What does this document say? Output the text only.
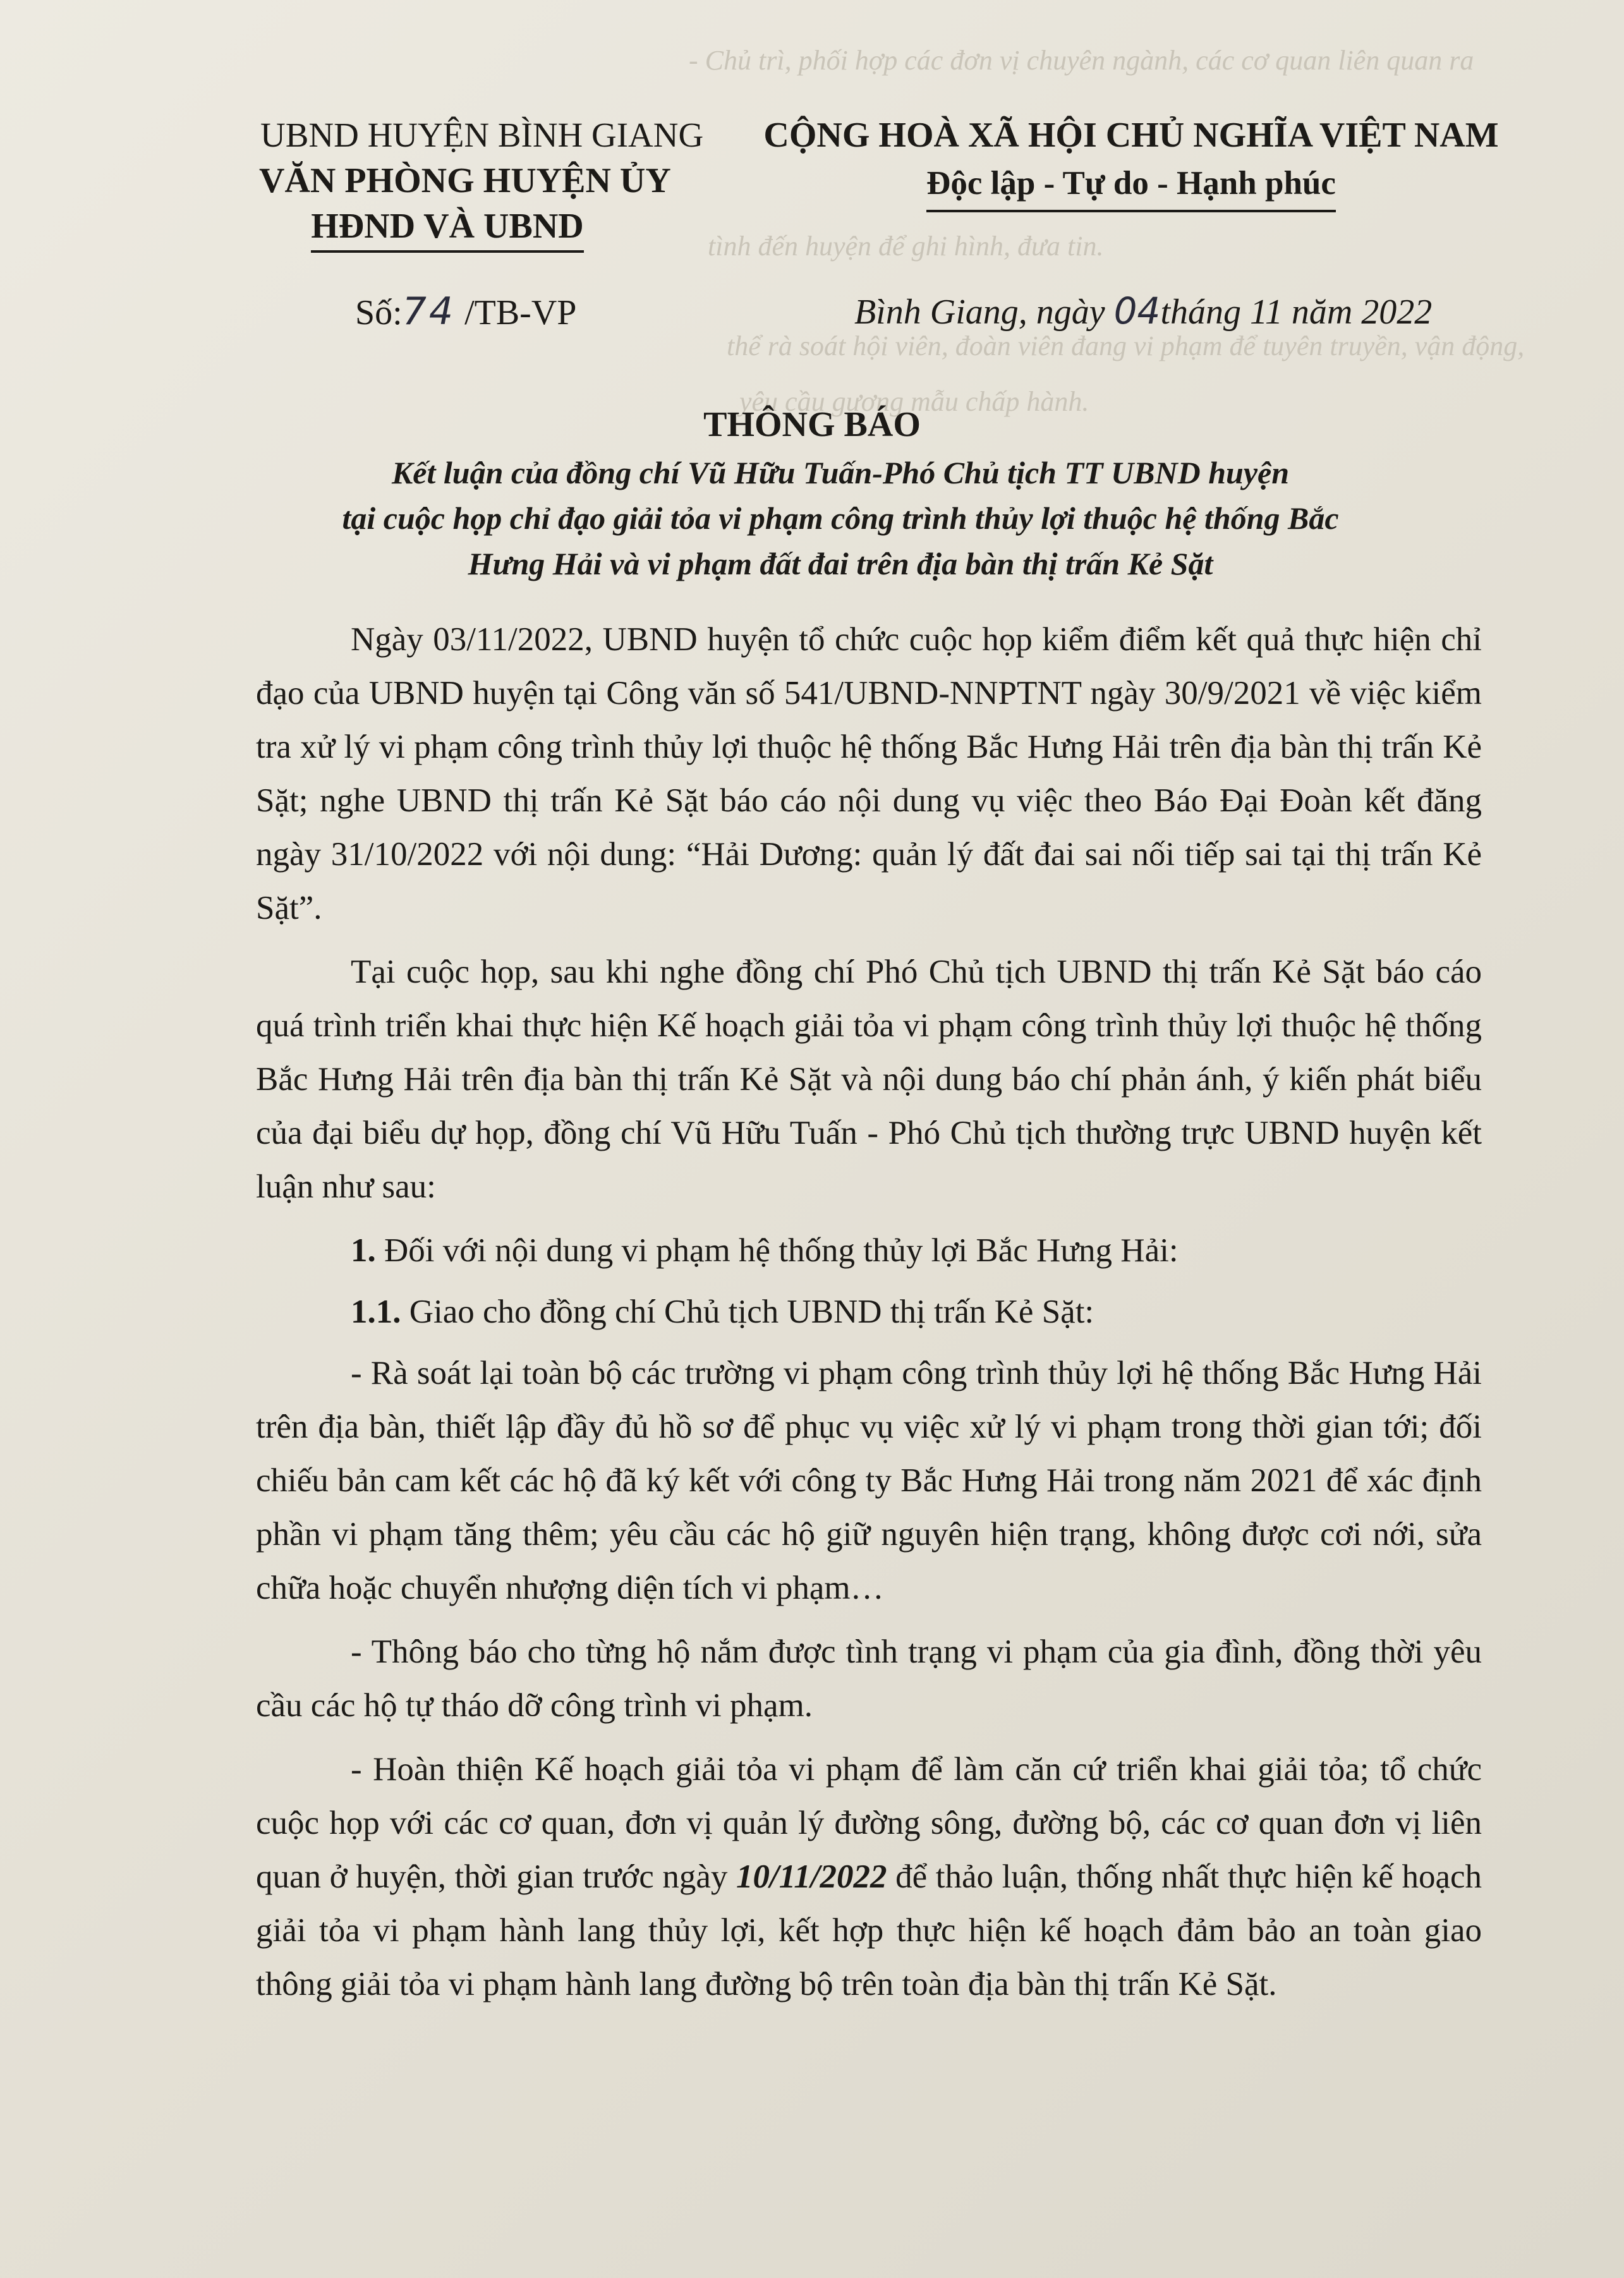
- Chủ trì, phối hợp các đơn vị chuyên ngành, các cơ quan liên quan ra
tình đến huyện để ghi hình, đưa tin.
thể rà soát hội viên, đoàn viên đang vi phạm để tuyên truyền, vận động,
yêu cầu gương mẫu chấp hành.
UBND HUYỆN BÌNH GIANG
VĂN PHÒNG HUYỆN ỦY
HĐND VÀ UBND
CỘNG HOÀ XÃ HỘI CHỦ NGHĨA VIỆT NAM
Độc lập - Tự do - Hạnh phúc
Số:74 /TB-VP	Bình Giang, ngày 04tháng 11 năm 2022
THÔNG BÁO
Kết luận của đồng chí Vũ Hữu Tuấn-Phó Chủ tịch TT UBND huyện
tại cuộc họp chỉ đạo giải tỏa vi phạm công trình thủy lợi thuộc hệ thống Bắc
Hưng Hải và vi phạm đất đai trên địa bàn thị trấn Kẻ Sặt

Ngày 03/11/2022, UBND huyện tổ chức cuộc họp kiểm điểm kết quả thực hiện chỉ đạo của UBND huyện tại Công văn số 541/UBND-NNPTNT ngày 30/9/2021 về việc kiểm tra xử lý vi phạm công trình thủy lợi thuộc hệ thống Bắc Hưng Hải trên địa bàn thị trấn Kẻ Sặt; nghe UBND thị trấn Kẻ Sặt báo cáo nội dung vụ việc theo Báo Đại Đoàn kết đăng ngày 31/10/2022 với nội dung: “Hải Dương: quản lý đất đai sai nối tiếp sai tại thị trấn Kẻ Sặt”.

Tại cuộc họp, sau khi nghe đồng chí Phó Chủ tịch UBND thị trấn Kẻ Sặt báo cáo quá trình triển khai thực hiện Kế hoạch giải tỏa vi phạm công trình thủy lợi thuộc hệ thống Bắc Hưng Hải trên địa bàn thị trấn Kẻ Sặt và nội dung báo chí phản ánh, ý kiến phát biểu của đại biểu dự họp, đồng chí Vũ Hữu Tuấn - Phó Chủ tịch thường trực UBND huyện kết luận như sau:

1. Đối với nội dung vi phạm hệ thống thủy lợi Bắc Hưng Hải:

1.1. Giao cho đồng chí Chủ tịch UBND thị trấn Kẻ Sặt:

- Rà soát lại toàn bộ các trường vi phạm công trình thủy lợi hệ thống Bắc Hưng Hải trên địa bàn, thiết lập đầy đủ hồ sơ để phục vụ việc xử lý vi phạm trong thời gian tới; đối chiếu bản cam kết các hộ đã ký kết với công ty Bắc Hưng Hải trong năm 2021 để xác định phần vi phạm tăng thêm; yêu cầu các hộ giữ nguyên hiện trạng, không được cơi nới, sửa chữa hoặc chuyển nhượng diện tích vi phạm…

- Thông báo cho từng hộ nắm được tình trạng vi phạm của gia đình, đồng thời yêu cầu các hộ tự tháo dỡ công trình vi phạm.

- Hoàn thiện Kế hoạch giải tỏa vi phạm để làm căn cứ triển khai giải tỏa; tổ chức cuộc họp với các cơ quan, đơn vị quản lý đường sông, đường bộ, các cơ quan đơn vị liên quan ở huyện, thời gian trước ngày 10/11/2022 để thảo luận, thống nhất thực hiện kế hoạch giải tỏa vi phạm hành lang thủy lợi, kết hợp thực hiện kế hoạch đảm bảo an toàn giao thông giải tỏa vi phạm hành lang đường bộ trên toàn địa bàn thị trấn Kẻ Sặt.
